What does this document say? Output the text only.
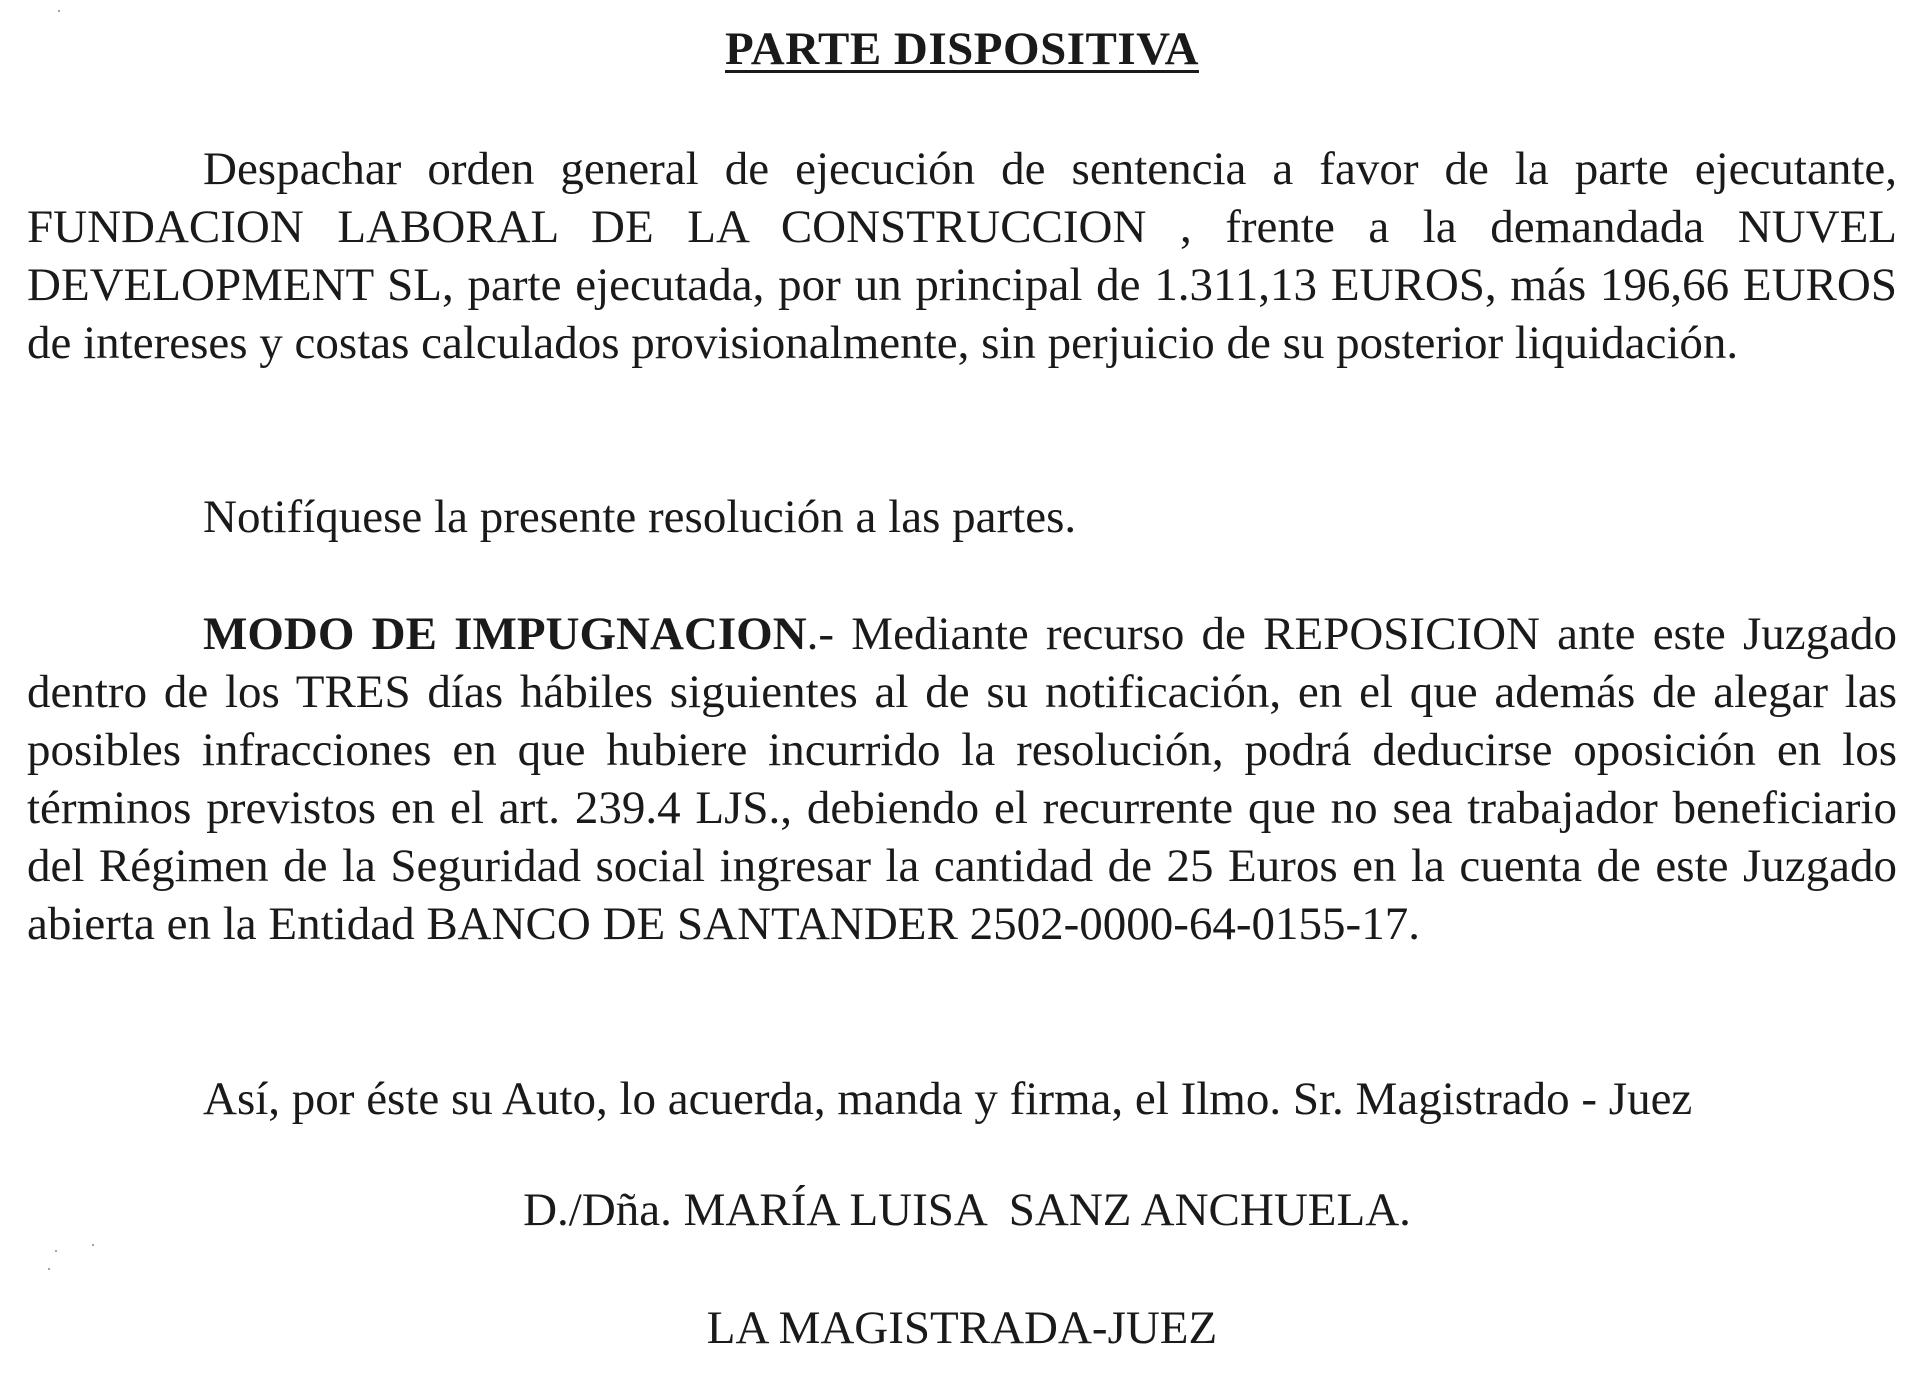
PARTE DISPOSITIVA

Despachar orden general de ejecución de sentencia a favor de la parte ejecutante, FUNDACION LABORAL DE LA CONSTRUCCION , frente a la demandada NUVEL DEVELOPMENT SL, parte ejecutada, por un principal de 1.311,13 EUROS, más 196,66 EUROS de intereses y costas calculados provisionalmente, sin perjuicio de su posterior liquidación.

Notifíquese la presente resolución a las partes.

MODO DE IMPUGNACION.- Mediante recurso de REPOSICION ante este Juzgado dentro de los TRES días hábiles siguientes al de su notificación, en el que además de alegar las posibles infracciones en que hubiere incurrido la resolución, podrá deducirse oposición en los términos previstos en el art. 239.4 LJS., debiendo el recurrente que no sea trabajador beneficiario del Régimen de la Seguridad social ingresar la cantidad de 25 Euros en la cuenta de este Juzgado abierta en la Entidad BANCO DE SANTANDER 2502-0000-64-0155-17.

Así, por éste su Auto, lo acuerda, manda y firma, el Ilmo. Sr. Magistrado - Juez

D./Dña. MARÍA LUISA  SANZ ANCHUELA.

LA MAGISTRADA-JUEZ
